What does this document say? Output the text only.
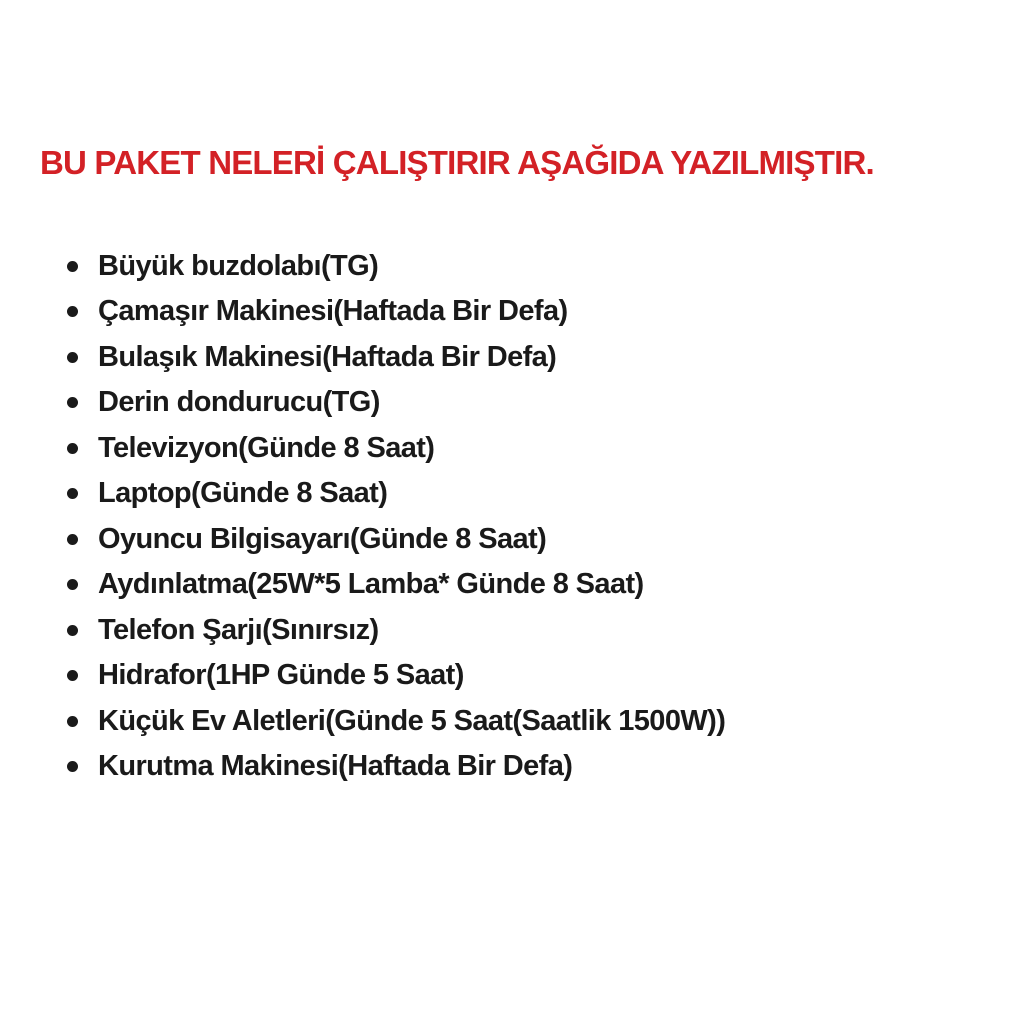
BU PAKET NELERİ ÇALIŞTIRIR AŞAĞIDA YAZILMIŞTIR.
Büyük buzdolabı(TG)
Çamaşır Makinesi(Haftada Bir Defa)
Bulaşık Makinesi(Haftada Bir Defa)
Derin dondurucu(TG)
Televizyon(Günde 8 Saat)
Laptop(Günde 8 Saat)
Oyuncu Bilgisayarı(Günde 8 Saat)
Aydınlatma(25W*5 Lamba* Günde 8 Saat)
Telefon Şarjı(Sınırsız)
Hidrafor(1HP Günde 5 Saat)
Küçük Ev Aletleri(Günde 5 Saat(Saatlik 1500W))
Kurutma Makinesi(Haftada Bir Defa)
